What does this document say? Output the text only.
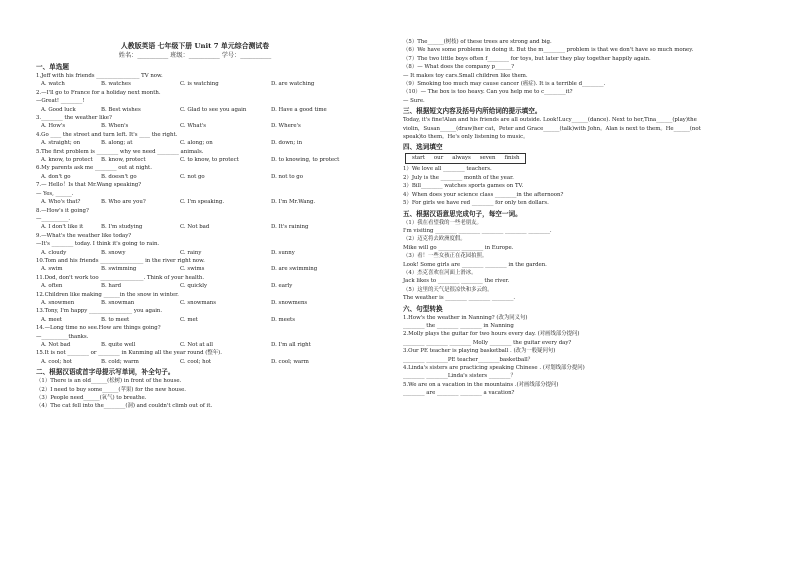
人教版英语 七年级下册 Unit 7 单元综合测试卷
姓名：__________ 班级：__________ 学号：__________
一、单选题
1.Jeff with his friends ________________ TV now.
A. watch	B. watches	C. is watching	D. are watching
2.—I'll go to France for a holiday next month.
—Great! ________!
A. Good luck	B. Best wishes	C. Glad to see you again	D. Have a good time
3.________ the weather like?
A. How's	B. When's	C. What's	D. Where's
4.Go ____ the street and turn left. It's ____ the right.
A. straight; on	B. along; at	C. along; on	D. down; in
5.The first problem is ________ why we need ________ animals.
A. know, to protect	B. know, protect	C. to know, to protect	D. to knowing, to protect
6.My parents ask me ________ out at night.
A. don't go	B. doesn't go	C. not go	D. not to go
7.— Hello！Is that Mr.Wang speaking?
— Yes, ______.
A. Who's that?	B. Who are you?	C. I'm speaking.	D. I'm Mr.Wang.
8.—How's it going?
—__________.
A. I don't like it	B. I'm studying	C. Not bad	D. It's raining
9.—What's the weather like today?
—It's ________ today. I think it's going to rain.
A. cloudy	B. snowy	C. rainy	D. sunny
10.Tom and his friends ________________ in the river right now.
A. swim	B. swimming	C. swims	D. are swimming
11.Dod, don't work too ________________. Think of your health.
A. often	B. hard	C. quickly	D. early
12.Children like making ______in the snow in winter.
A. snowmen	B. snowman	C. snowmans	D. snowmens
13.Tony, I'm happy ________________ you again.
A. meet	B. to meet	C. met	D. meets
14.—Long time no see.How are things going?
—__________thanks.
A. Not bad	B. quite well	C. Not at all	D. I'm all right
15.It is not ________ or ________ in Kunming all the year round (整年).
A. cool; hot	B. cold; warm	C. cool; hot	D. cool; warm
二、根据汉语或首字母提示写单词，补全句子。
（1）There is an old______(松树) in front of the house.
（2）I need to buy some______(苹果) for the new house.
（3）People need______(氧气) to breathe.
（4）The cat fell into the________(洞) and couldn't climb out of it.
（5）The______(树枝) of these trees are strong and big.
（6）We have some problems in doing it. But the m________ problem is that we don't have so much money.
（7）The two little boys often f________ for toys, but later they play together happily again.
（8）— What does the company p______?
— It makes toy cars.Small children like them.
（9）Smoking too much may cause cancer (癌症). It is a terrible d________.
（10）— The box is too heavy. Can you help me to c________it?
— Sure.
三、根据短文内容及括号内所给词的提示填空。
Today, it's fine!Alan and his friends are all outside. Look!Lucy______(dance). Next to her,Tina______(play)the
violin，Susan______(draw)her cat，Peter and Grace______(talk)with John。Alan is next to them。He______(not
speak)to them。He's only listening to music。
四、选词填空
start our always seven finish
1）We love all ________ teachers.
2）July is the ________ month of the year.
3）Bill________ watches sports games on TV.
4）When does your science class ________in the afternoon?
5）For girls we have red ________ for only ten dollars.
五、根据汉语意思完成句子，每空一词。
（1）我在看望我的一些老朋友。
I'm visiting ________ ________ ________ ________ ________.
（2）迈克将去欧洲度假。
Mike will go ________ ________ in Europe.
（3）看！一些女孩正在花园拍照。
Look! Some girls are ________ ________ in the garden.
（4）杰克喜欢在河面上滑冰。
Jack likes to ________ ________ the river.
（5）这里的天气是很凉快和多云的。
The weather is ________ ________ ________.
六、句型转换
1.How's the weather in Nanning? (改为同义句)
________ the ________ ________ in Nanning
2.Molly plays the guitar for two hours every day. (对画线部分提问)
________ ________ ________ Molly ________ the guitar every day?
3.Our PE teacher is playing basketball . (改为一般疑问句)
________ ________PE teacher________basketball？
4.Linda's sisters are practicing speaking Chinese . (对划线部分提问)
________ ________Linda's sisters ________？
5.We are on a vacation in the mountains .(对画线部分提问)
________ are ________ ________ a vacation?
